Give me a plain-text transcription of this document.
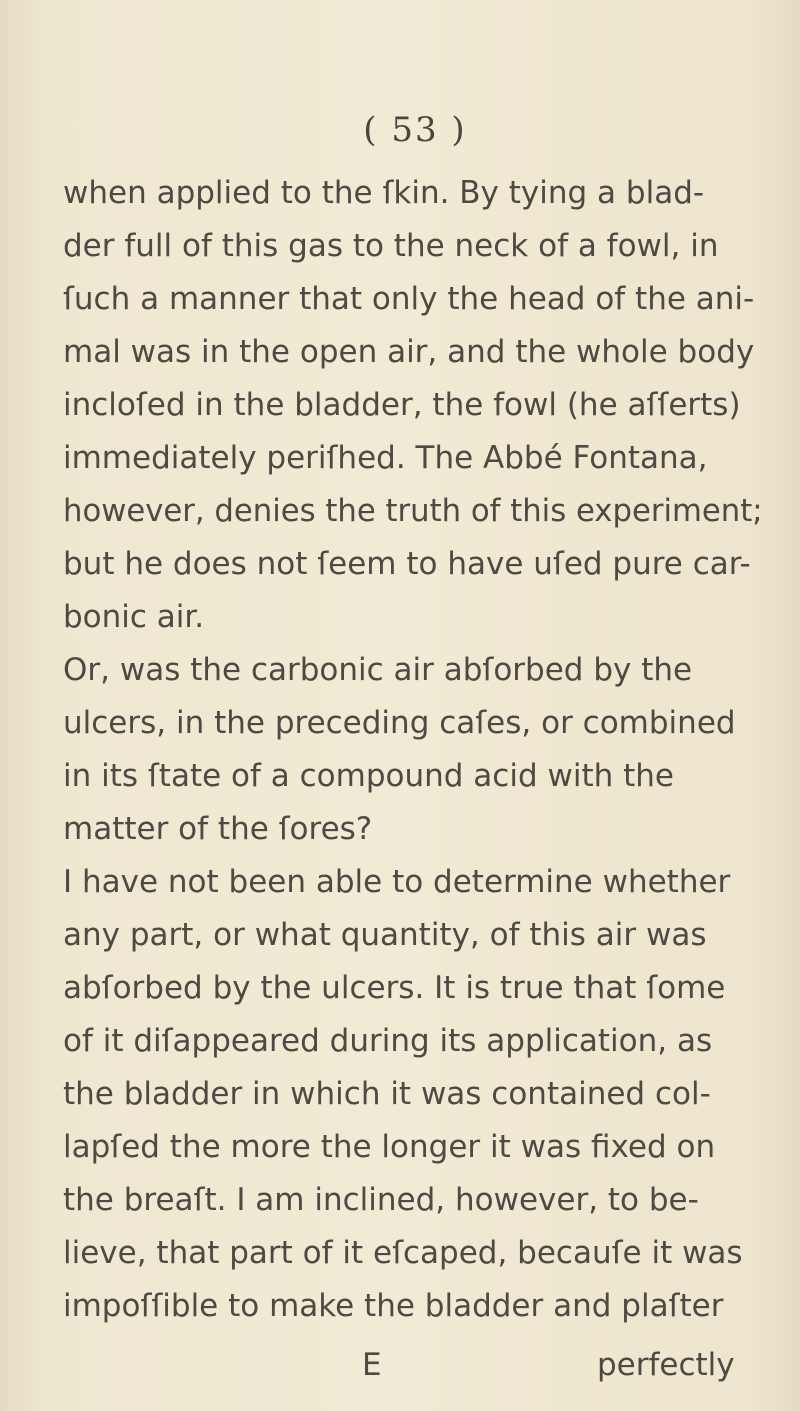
( 53 )
when applied to the ſkin. By tying a blad-
der full of this gas to the neck of a fowl, in
ſuch a manner that only the head of the ani-
mal was in the open air, and the whole body
incloſed in the bladder, the fowl (he aſſerts)
immediately periſhed. The Abbé Fontana,
however, denies the truth of this experiment;
but he does not ſeem to have uſed pure car-
bonic air.
Or, was the carbonic air abſorbed by the
ulcers, in the preceding caſes, or combined
in its ſtate of a compound acid with the
matter of the ſores?
I have not been able to determine whether
any part, or what quantity, of this air was
abſorbed by the ulcers. It is true that ſome
of it diſappeared during its application, as
the bladder in which it was contained col-
lapſed the more the longer it was fixed on
the breaſt. I am inclined, however, to be-
lieve, that part of it eſcaped, becauſe it was
impoſſible to make the bladder and plaſter
E	perfectly
